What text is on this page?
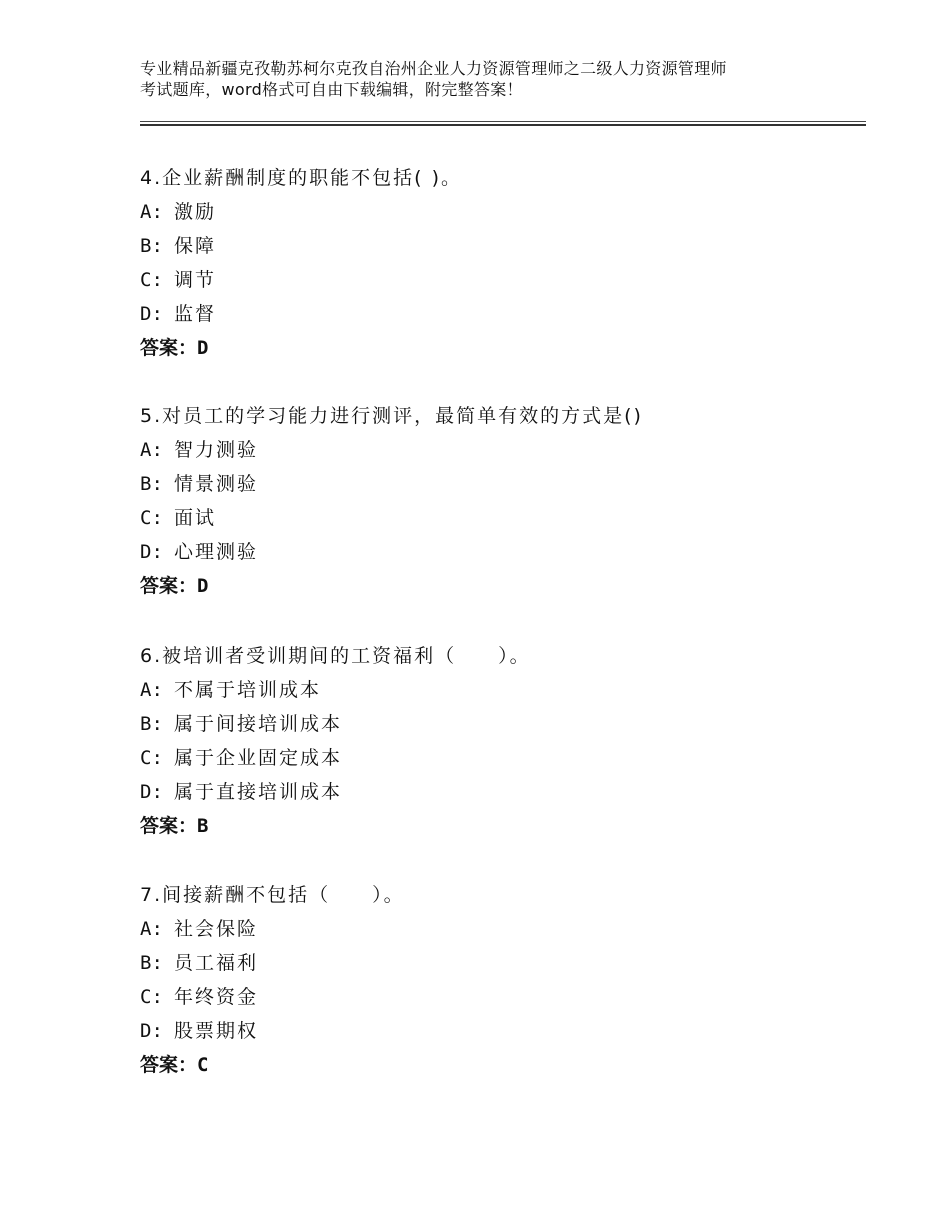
专业精品新疆克孜勒苏柯尔克孜自治州企业人力资源管理师之二级人力资源管理师
考试题库，word格式可自由下载编辑，附完整答案！
4.企业薪酬制度的职能不包括( )。
A: 激励
B: 保障
C: 调节
D: 监督
答案：D
5.对员工的学习能力进行测评，最简单有效的方式是()
A: 智力测验
B: 情景测验
C: 面试
D: 心理测验
答案：D
6.被培训者受训期间的工资福利（　　）。
A: 不属于培训成本
B: 属于间接培训成本
C: 属于企业固定成本
D: 属于直接培训成本
答案：B
7.间接薪酬不包括（　　）。
A: 社会保险
B: 员工福利
C: 年终资金
D: 股票期权
答案：C
